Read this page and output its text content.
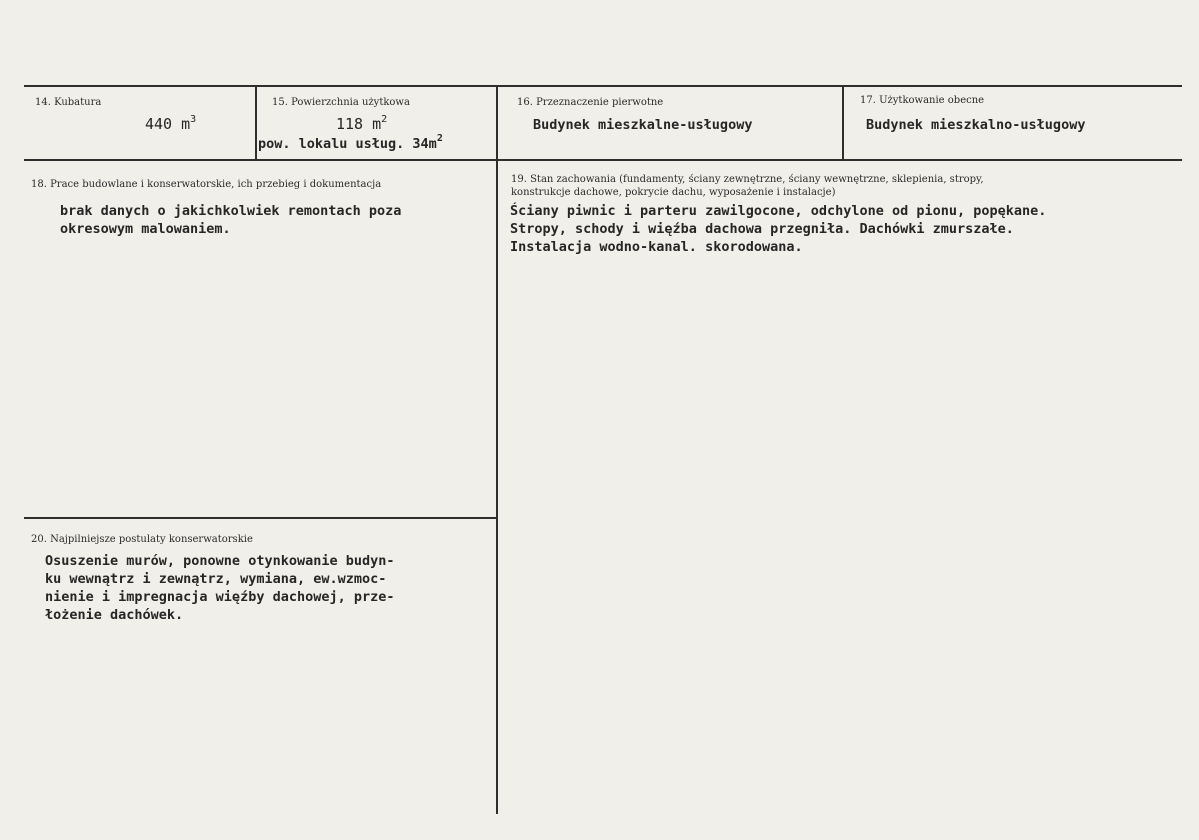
14. Kubatura
440 $m^3$
15. Powierzchnia użytkowa
118 $m^2$
pow. lokalu usług. $34m^2$
16. Przeznaczenie pierwotne
Budynek mieszkalne-usługowy
17. Użytkowanie obecne
Budynek mieszkalno-usługowy
18. Prace budowlane i konserwatorskie, ich przebieg i dokumentacja
brak danych o jakichkolwiek remontach poza
okresowym malowaniem.
19. Stan zachowania (fundamenty, ściany zewnętrzne, ściany wewnętrzne, sklepienia, stropy,
konstrukcje dachowe, pokrycie dachu, wyposażenie i instalacje)
Ściany piwnic i parteru zawilgocone, odchylone od pionu, popękane.
Stropy, schody i więźba dachowa przegniła. Dachówki zmurszałe.
Instalacja wodno-kanal. skorodowana.
20. Najpilniejsze postulaty konserwatorskie
Osuszenie murów, ponowne otynkowanie budyn-
ku wewnątrz i zewnątrz, wymiana, ew.wzmoc-
nienie i impregnacja więźby dachowej, prze-
łożenie dachówek.
